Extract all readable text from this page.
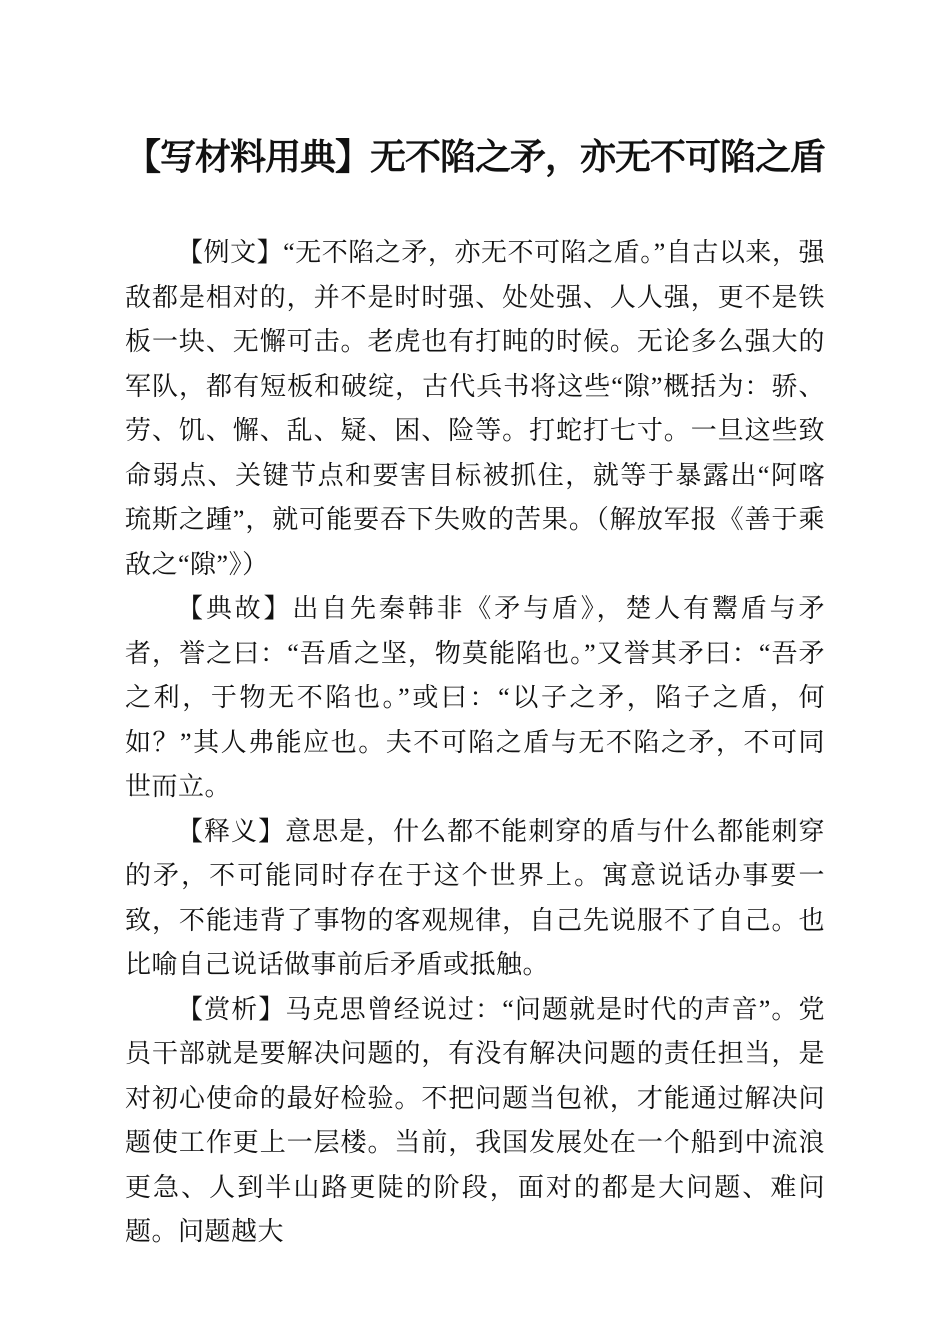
【写材料用典】无不陷之矛，亦无不可陷之盾

【例文】“无不陷之矛，亦无不可陷之盾。”自古以来，强敌都是相对的，并不是时时强、处处强、人人强，更不是铁板一块、无懈可击。老虎也有打盹的时候。无论多么强大的军队，都有短板和破绽，古代兵书将这些“隙”概括为：骄、劳、饥、懈、乱、疑、困、险等。打蛇打七寸。一旦这些致命弱点、关键节点和要害目标被抓住，就等于暴露出“阿喀琉斯之踵”，就可能要吞下失败的苦果。（解放军报《善于乘敌之“隙”》）

【典故】出自先秦韩非《矛与盾》，楚人有鬻盾与矛者，誉之曰：“吾盾之坚，物莫能陷也。”又誉其矛曰：“吾矛之利，于物无不陷也。”或曰：“以子之矛，陷子之盾，何如？”其人弗能应也。夫不可陷之盾与无不陷之矛，不可同世而立。

【释义】意思是，什么都不能刺穿的盾与什么都能刺穿的矛，不可能同时存在于这个世界上。寓意说话办事要一致，不能违背了事物的客观规律，自己先说服不了自己。也比喻自己说话做事前后矛盾或抵触。

【赏析】马克思曾经说过：“问题就是时代的声音”。党员干部就是要解决问题的，有没有解决问题的责任担当，是对初心使命的最好检验。不把问题当包袱，才能通过解决问题使工作更上一层楼。当前，我国发展处在一个船到中流浪更急、人到半山路更陡的阶段，面对的都是大问题、难问题。问题越大
